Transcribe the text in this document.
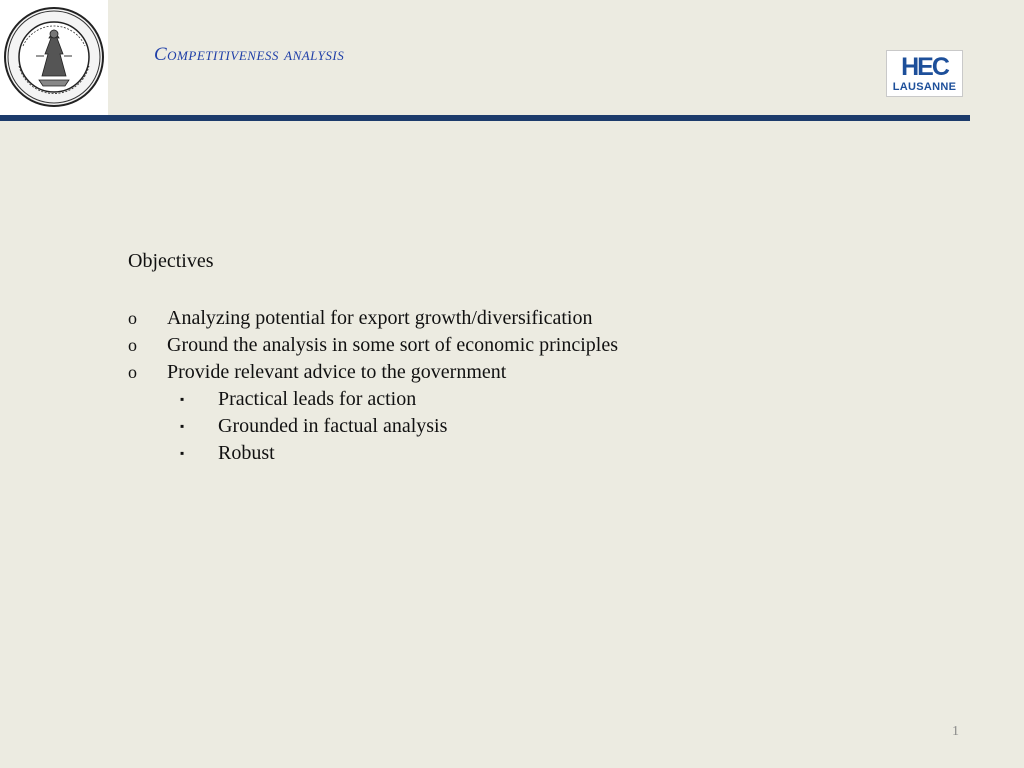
Competitiveness analysis	HEC
LAUSANNE
Objectives
o Analyzing potential for export growth/diversification
o Ground the analysis in some sort of economic principles
o Provide relevant advice to the government
▪ Practical leads for action
▪ Grounded in factual analysis
▪ Robust
1
